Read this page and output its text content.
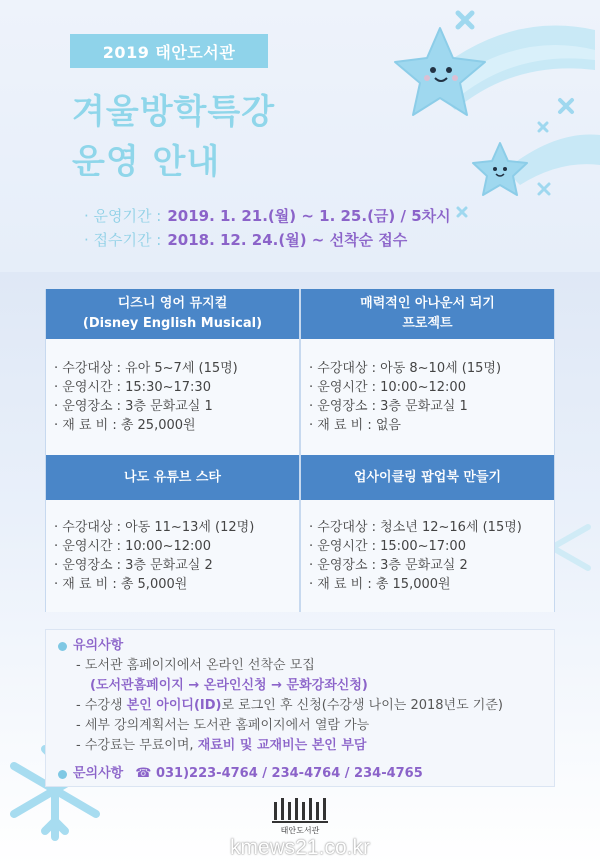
2019 태안도서관
겨울방학특강
운영 안내
· 운영기간 : 2019. 1. 21.(월) ~ 1. 25.(금) / 5차시
· 접수기간 : 2018. 12. 24.(월) ~ 선착순 접수
디즈니 영어 뮤지컬
(Disney English Musical)
· 수강대상 : 유아 5~7세 (15명)
· 운영시간 : 15:30~17:30
· 운영장소 : 3층 문화교실 1
· 재 료 비 : 총 25,000원
매력적인 아나운서 되기
프로젝트
· 수강대상 : 아동 8~10세 (15명)
· 운영시간 : 10:00~12:00
· 운영장소 : 3층 문화교실 1
· 재 료 비 : 없음
나도 유튜브 스타
· 수강대상 : 아동 11~13세 (12명)
· 운영시간 : 10:00~12:00
· 운영장소 : 3층 문화교실 2
· 재 료 비 : 총 5,000원
업사이클링 팝업북 만들기
· 수강대상 : 청소년 12~16세 (15명)
· 운영시간 : 15:00~17:00
· 운영장소 : 3층 문화교실 2
· 재 료 비 : 총 15,000원
유의사항
- 도서관 홈페이지에서 온라인 선착순 모집
(도서관홈페이지 → 온라인신청 → 문화강좌신청)
- 수강생 본인 아이디(ID)로 로그인 후 신청(수강생 나이는 2018년도 기준)
- 세부 강의계획서는 도서관 홈페이지에서 열람 가능
- 수강료는 무료이며, 재료비 및 교재비는 본인 부담
문의사항 ☎ 031)223-4764 / 234-4764 / 234-4765
태안도서관
kmews21.co.kr
